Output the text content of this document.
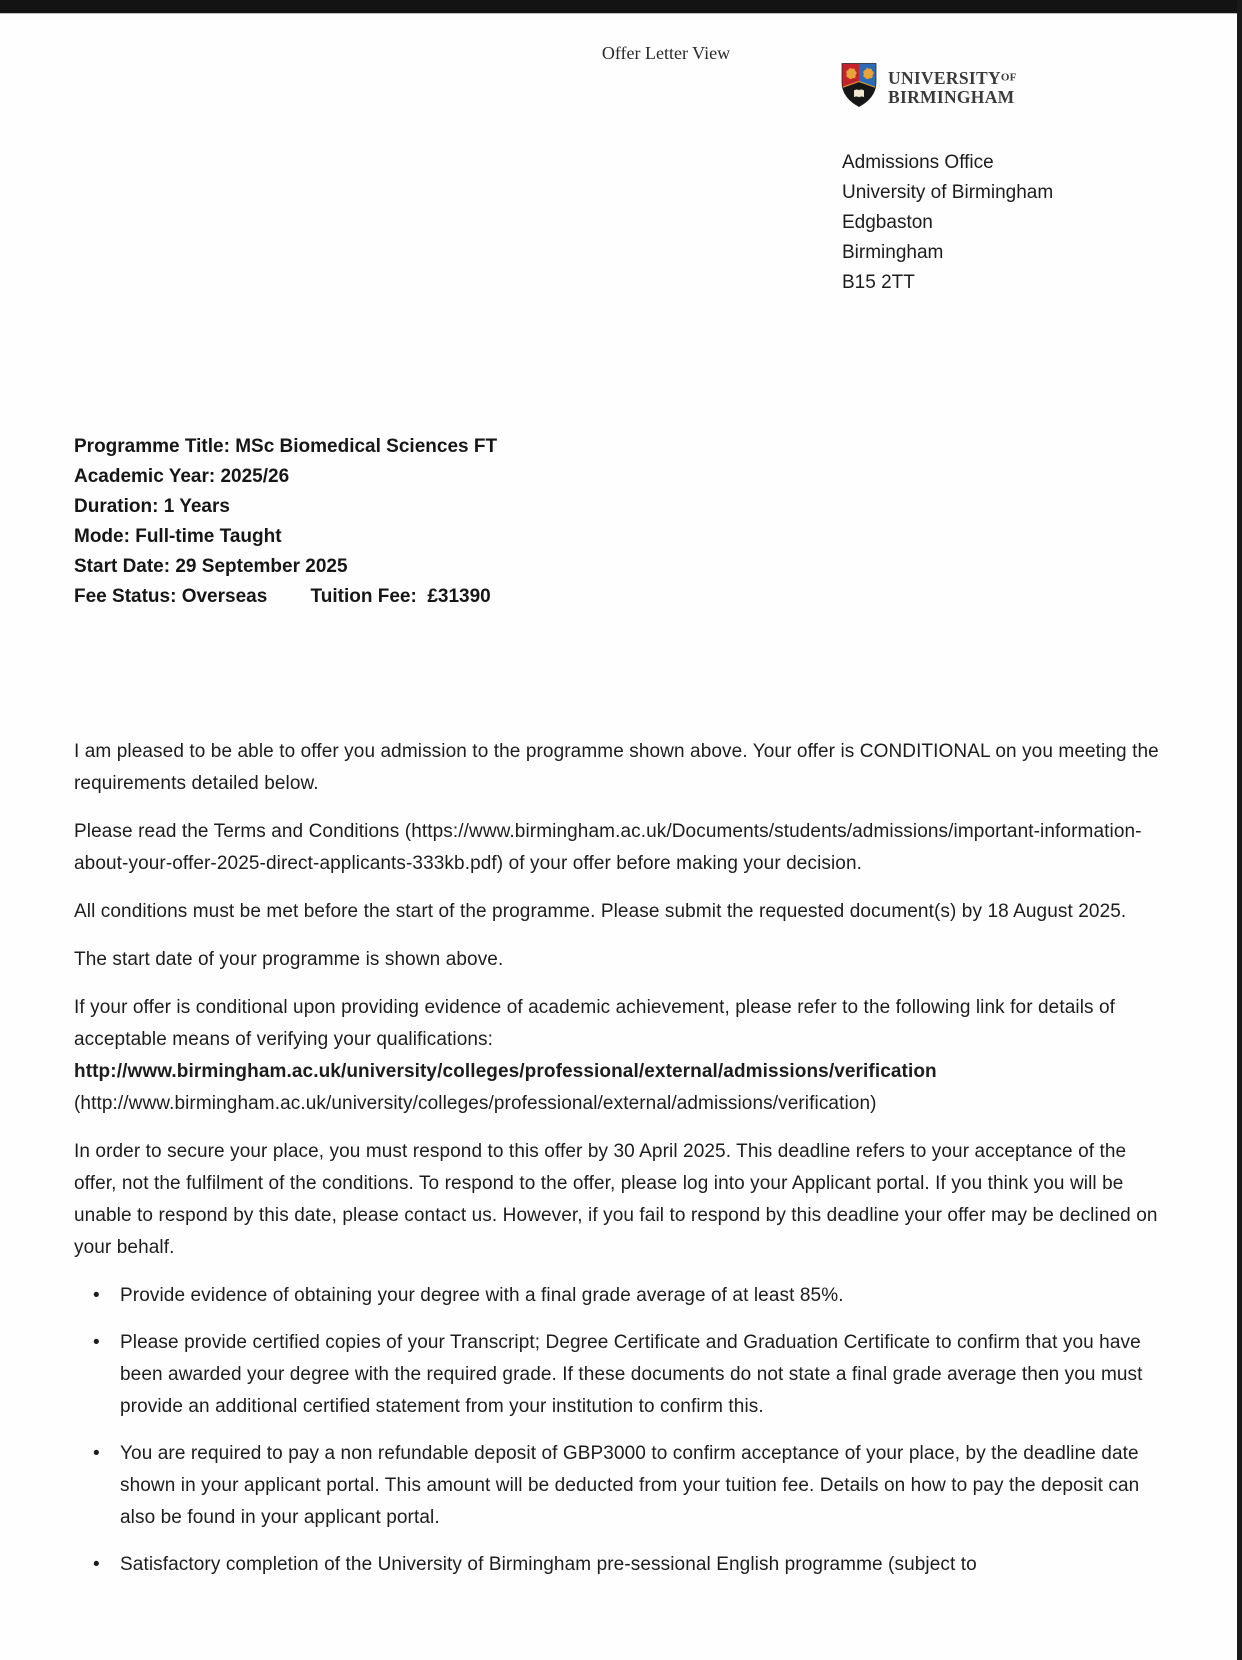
Offer Letter View
$UNIVERSITY^{OF}$
BIRMINGHAM
Admissions Office
University of Birmingham
Edgbaston
Birmingham
B15 2TT
Programme Title: MSc Biomedical Sciences FT
Academic Year: 2025/26
Duration: 1 Years
Mode: Full-time Taught
Start Date: 29 September 2025
Fee Status: Overseas Tuition Fee:  £31390

I am pleased to be able to offer you admission to the programme shown above. Your offer is CONDITIONAL on you meeting the requirements detailed below.

Please read the Terms and Conditions (https://www.birmingham.ac.uk/Documents/students/admissions/important-information-about-your-offer-2025-direct-applicants-333kb.pdf) of your offer before making your decision.

All conditions must be met before the start of the programme. Please submit the requested document(s) by 18 August 2025.

The start date of your programme is shown above.

If your offer is conditional upon providing evidence of academic achievement, please refer to the following link for details of acceptable means of verifying your qualifications:
http://www.birmingham.ac.uk/university/colleges/professional/external/admissions/verification
(http://www.birmingham.ac.uk/university/colleges/professional/external/admissions/verification)

In order to secure your place, you must respond to this offer by 30 April 2025. This deadline refers to your acceptance of the offer, not the fulfilment of the conditions. To respond to the offer, please log into your Applicant portal. If you think you will be unable to respond by this date, please contact us. However, if you fail to respond by this deadline your offer may be declined on your behalf.

• Provide evidence of obtaining your degree with a final grade average of at least 85%.
• Please provide certified copies of your Transcript; Degree Certificate and Graduation Certificate to confirm that you have been awarded your degree with the required grade. If these documents do not state a final grade average then you must provide an additional certified statement from your institution to confirm this.
• You are required to pay a non refundable deposit of GBP3000 to confirm acceptance of your place, by the deadline date shown in your applicant portal. This amount will be deducted from your tuition fee. Details on how to pay the deposit can also be found in your applicant portal.
• Satisfactory completion of the University of Birmingham pre-sessional English programme (subject to
